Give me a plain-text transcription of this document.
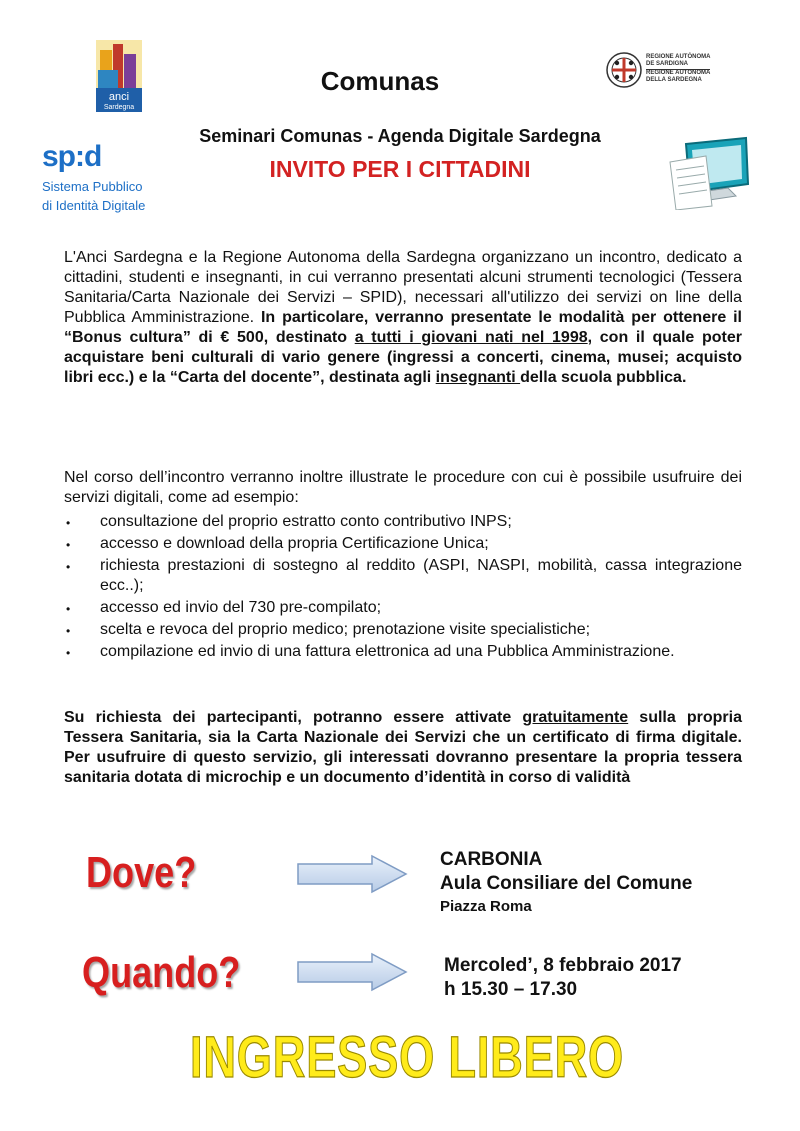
anci
Sardegna
REGIONE AUTÒNOMA
DE SARDIGNA
REGIONE AUTONOMA
DELLA SARDEGNA
sp:d
Sistema Pubblico
di Identità Digitale
Comunas
Seminari Comunas - Agenda Digitale Sardegna
INVITO PER I CITTADINI
L'Anci Sardegna e la Regione Autonoma della Sardegna organizzano un incontro, dedicato a cittadini, studenti e insegnanti, in cui verranno presentati alcuni strumenti tecnologici (Tessera Sanitaria/Carta Nazionale dei Servizi – SPID), necessari all'utilizzo dei servizi on line della Pubblica Amministrazione. In particolare, verranno presentate le modalità per ottenere il “Bonus cultura” di € 500, destinato a tutti i giovani nati nel 1998, con il quale poter acquistare beni culturali di vario genere (ingressi a concerti, cinema, musei; acquisto libri ecc.) e la “Carta del docente”, destinata agli insegnanti della scuola pubblica.
Nel corso dell’incontro verranno inoltre illustrate le procedure con cui è possibile usufruire dei servizi digitali, come ad esempio:
• consultazione del proprio estratto conto contributivo INPS;
• accesso e download della propria Certificazione Unica;
• richiesta prestazioni di sostegno al reddito (ASPI, NASPI, mobilità, cassa integrazione ecc..);
• accesso ed invio del 730 pre-compilato;
• scelta e revoca del proprio medico; prenotazione visite specialistiche;
• compilazione ed invio di una fattura elettronica ad una Pubblica Amministrazione.
Su richiesta dei partecipanti, potranno essere attivate gratuitamente sulla propria Tessera Sanitaria, sia la Carta Nazionale dei Servizi che un certificato di firma digitale. Per usufruire di questo servizio, gli interessati dovranno presentare la propria tessera sanitaria dotata di microchip e un documento d’identità in corso di validità
Dove?	CARBONIA
Aula Consiliare del Comune
Piazza Roma
Quando?	Mercoled’, 8 febbraio 2017
h 15.30 – 17.30
INGRESSO LIBERO
